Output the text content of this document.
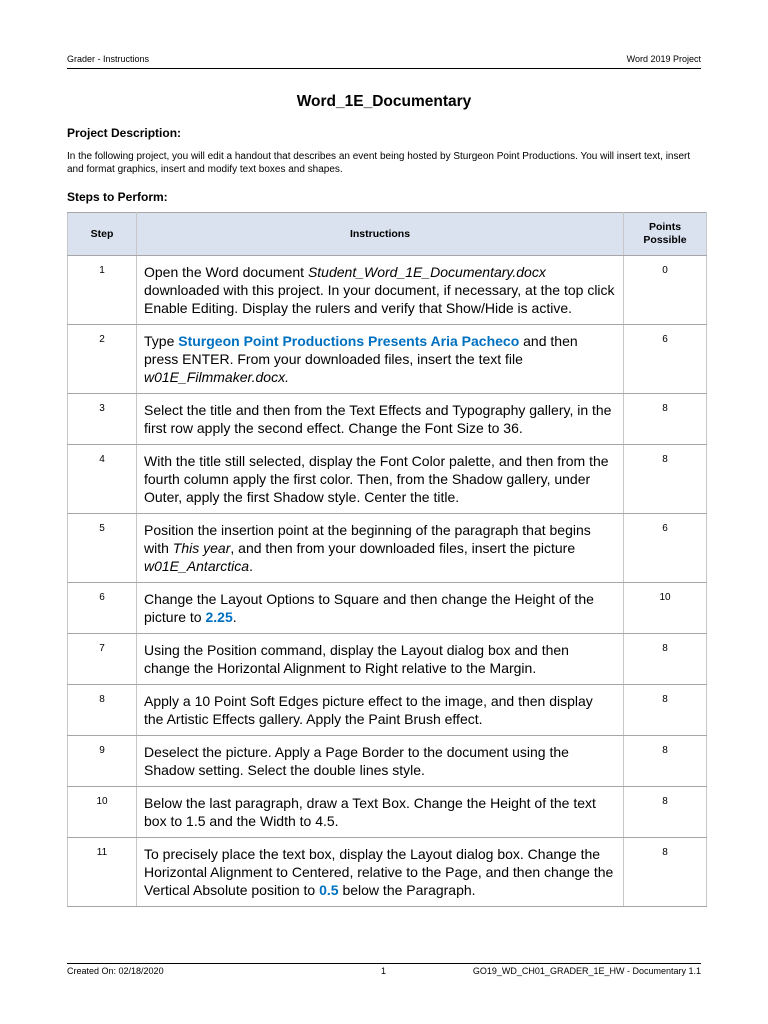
Grader - Instructions	Word 2019 Project
Word_1E_Documentary
Project Description:
In the following project, you will edit a handout that describes an event being hosted by Sturgeon Point Productions. You will insert text, insert and format graphics, insert and modify text boxes and shapes.
Steps to Perform:
Step	Instructions	Points
Possible
1	Open the Word document Student_Word_1E_Documentary.docx downloaded with this project. In your document, if necessary, at the top click Enable Editing. Display the rulers and verify that Show/Hide is active.	0
2	Type Sturgeon Point Productions Presents Aria Pacheco and then press ENTER. From your downloaded files, insert the text file w01E_Filmmaker.docx.	6
3	Select the title and then from the Text Effects and Typography gallery, in the first row apply the second effect. Change the Font Size to 36.	8
4	With the title still selected, display the Font Color palette, and then from the fourth column apply the first color. Then, from the Shadow gallery, under Outer, apply the first Shadow style. Center the title.	8
5	Position the insertion point at the beginning of the paragraph that begins with This year, and then from your downloaded files, insert the picture w01E_Antarctica.	6
6	Change the Layout Options to Square and then change the Height of the picture to 2.25.	10
7	Using the Position command, display the Layout dialog box and then change the Horizontal Alignment to Right relative to the Margin.	8
8	Apply a 10 Point Soft Edges picture effect to the image, and then display the Artistic Effects gallery. Apply the Paint Brush effect.	8
9	Deselect the picture. Apply a Page Border to the document using the Shadow setting. Select the double lines style.	8
10	Below the last paragraph, draw a Text Box. Change the Height of the text box to 1.5 and the Width to 4.5.	8
11	To precisely place the text box, display the Layout dialog box. Change the Horizontal Alignment to Centered, relative to the Page, and then change the Vertical Absolute position to 0.5 below the Paragraph.	8
Created On: 02/18/2020	1	GO19_WD_CH01_GRADER_1E_HW - Documentary 1.1
